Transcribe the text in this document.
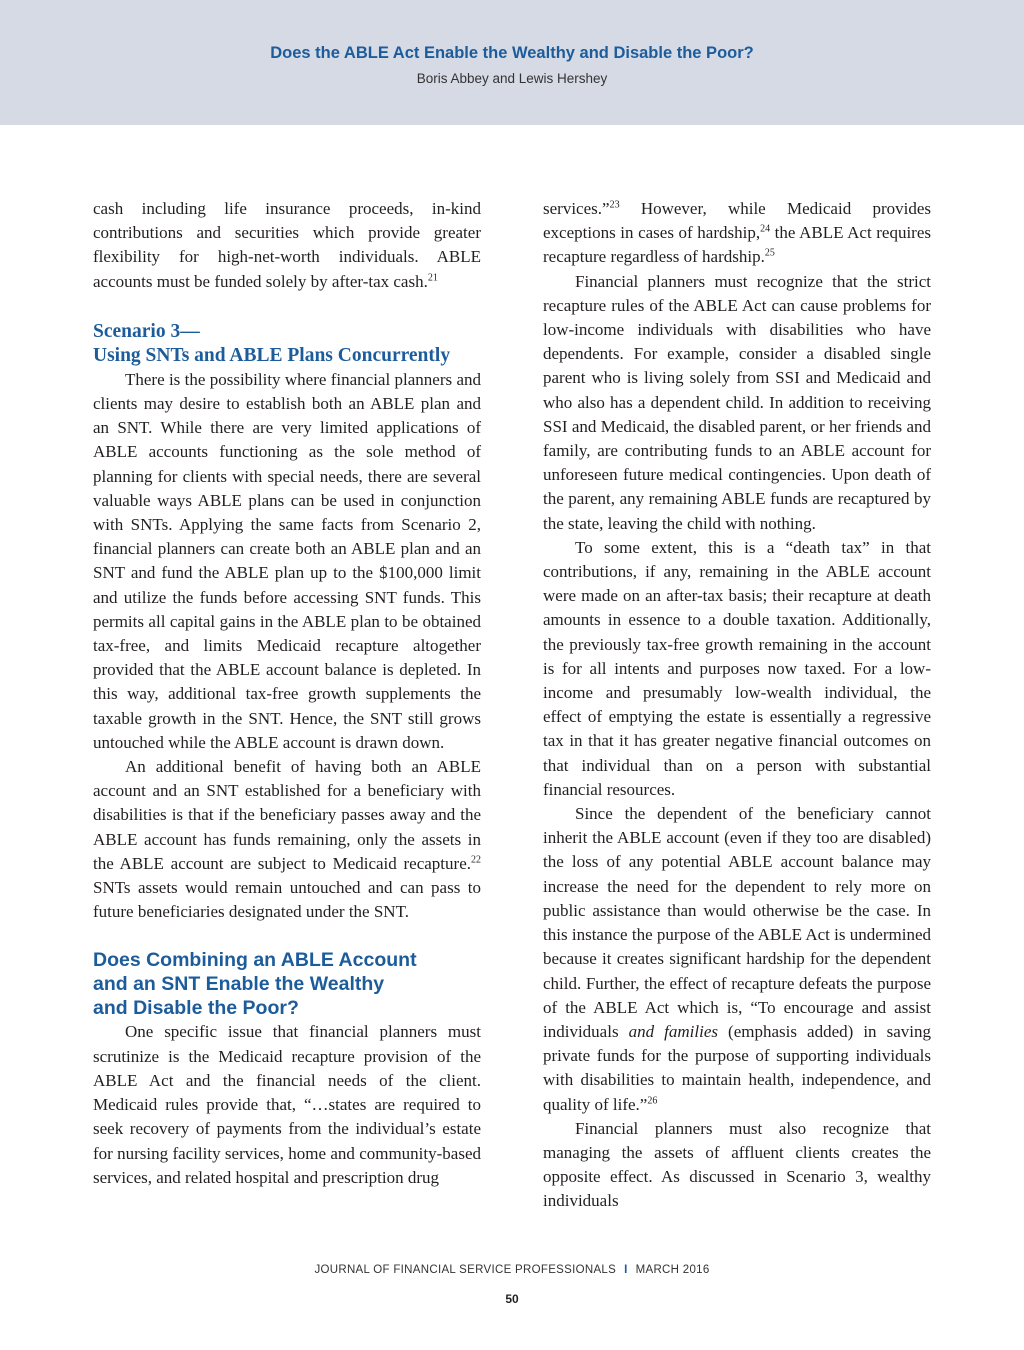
Does the ABLE Act Enable the Wealthy and Disable the Poor?
Boris Abbey and Lewis Hershey

cash including life insurance proceeds, in-kind contributions and securities which provide greater flexibility for high-net-worth individuals. ABLE accounts must be funded solely by after-tax cash.$^{21}$

Scenario 3—
Using SNTs and ABLE Plans Concurrently

There is the possibility where financial planners and clients may desire to establish both an ABLE plan and an SNT. While there are very limited applications of ABLE accounts functioning as the sole method of planning for clients with special needs, there are several valuable ways ABLE plans can be used in conjunction with SNTs. Applying the same facts from Scenario 2, financial planners can create both an ABLE plan and an SNT and fund the ABLE plan up to the $100,000 limit and utilize the funds before accessing SNT funds. This permits all capital gains in the ABLE plan to be obtained tax-free, and limits Medicaid recapture altogether provided that the ABLE account balance is depleted. In this way, additional tax-free growth supplements the taxable growth in the SNT. Hence, the SNT still grows untouched while the ABLE account is drawn down.

An additional benefit of having both an ABLE account and an SNT established for a beneficiary with disabilities is that if the beneficiary passes away and the ABLE account has funds remaining, only the assets in the ABLE account are subject to Medicaid recapture.$^{22}$ SNTs assets would remain untouched and can pass to future beneficiaries designated under the SNT.

Does Combining an ABLE Account
and an SNT Enable the Wealthy
and Disable the Poor?

One specific issue that financial planners must scrutinize is the Medicaid recapture provision of the ABLE Act and the financial needs of the client. Medicaid rules provide that, “…states are required to seek recovery of payments from the individual’s estate for nursing facility services, home and community-based services, and related hospital and prescription drug

services.”$^{23}$ However, while Medicaid provides exceptions in cases of hardship,$^{24}$ the ABLE Act requires recapture regardless of hardship.$^{25}$

Financial planners must recognize that the strict recapture rules of the ABLE Act can cause problems for low-income individuals with disabilities who have dependents. For example, consider a disabled single parent who is living solely from SSI and Medicaid and who also has a dependent child. In addition to receiving SSI and Medicaid, the disabled parent, or her friends and family, are contributing funds to an ABLE account for unforeseen future medical contingencies. Upon death of the parent, any remaining ABLE funds are recaptured by the state, leaving the child with nothing.

To some extent, this is a “death tax” in that contributions, if any, remaining in the ABLE account were made on an after-tax basis; their recapture at death amounts in essence to a double taxation. Additionally, the previously tax-free growth remaining in the account is for all intents and purposes now taxed. For a low-income and presumably low-wealth individual, the effect of emptying the estate is essentially a regressive tax in that it has greater negative financial outcomes on that individual than on a person with substantial financial resources.

Since the dependent of the beneficiary cannot inherit the ABLE account (even if they too are disabled) the loss of any potential ABLE account balance may increase the need for the dependent to rely more on public assistance than would otherwise be the case. In this instance the purpose of the ABLE Act is undermined because it creates significant hardship for the dependent child. Further, the effect of recapture defeats the purpose of the ABLE Act which is, “To encourage and assist individuals and families (emphasis added) in saving private funds for the purpose of supporting individuals with disabilities to maintain health, independence, and quality of life.”$^{26}$

Financial planners must also recognize that managing the assets of affluent clients creates the opposite effect. As discussed in Scenario 3, wealthy individuals

JOURNAL OF FINANCIAL SERVICE PROFESSIONALS I MARCH 2016
50
